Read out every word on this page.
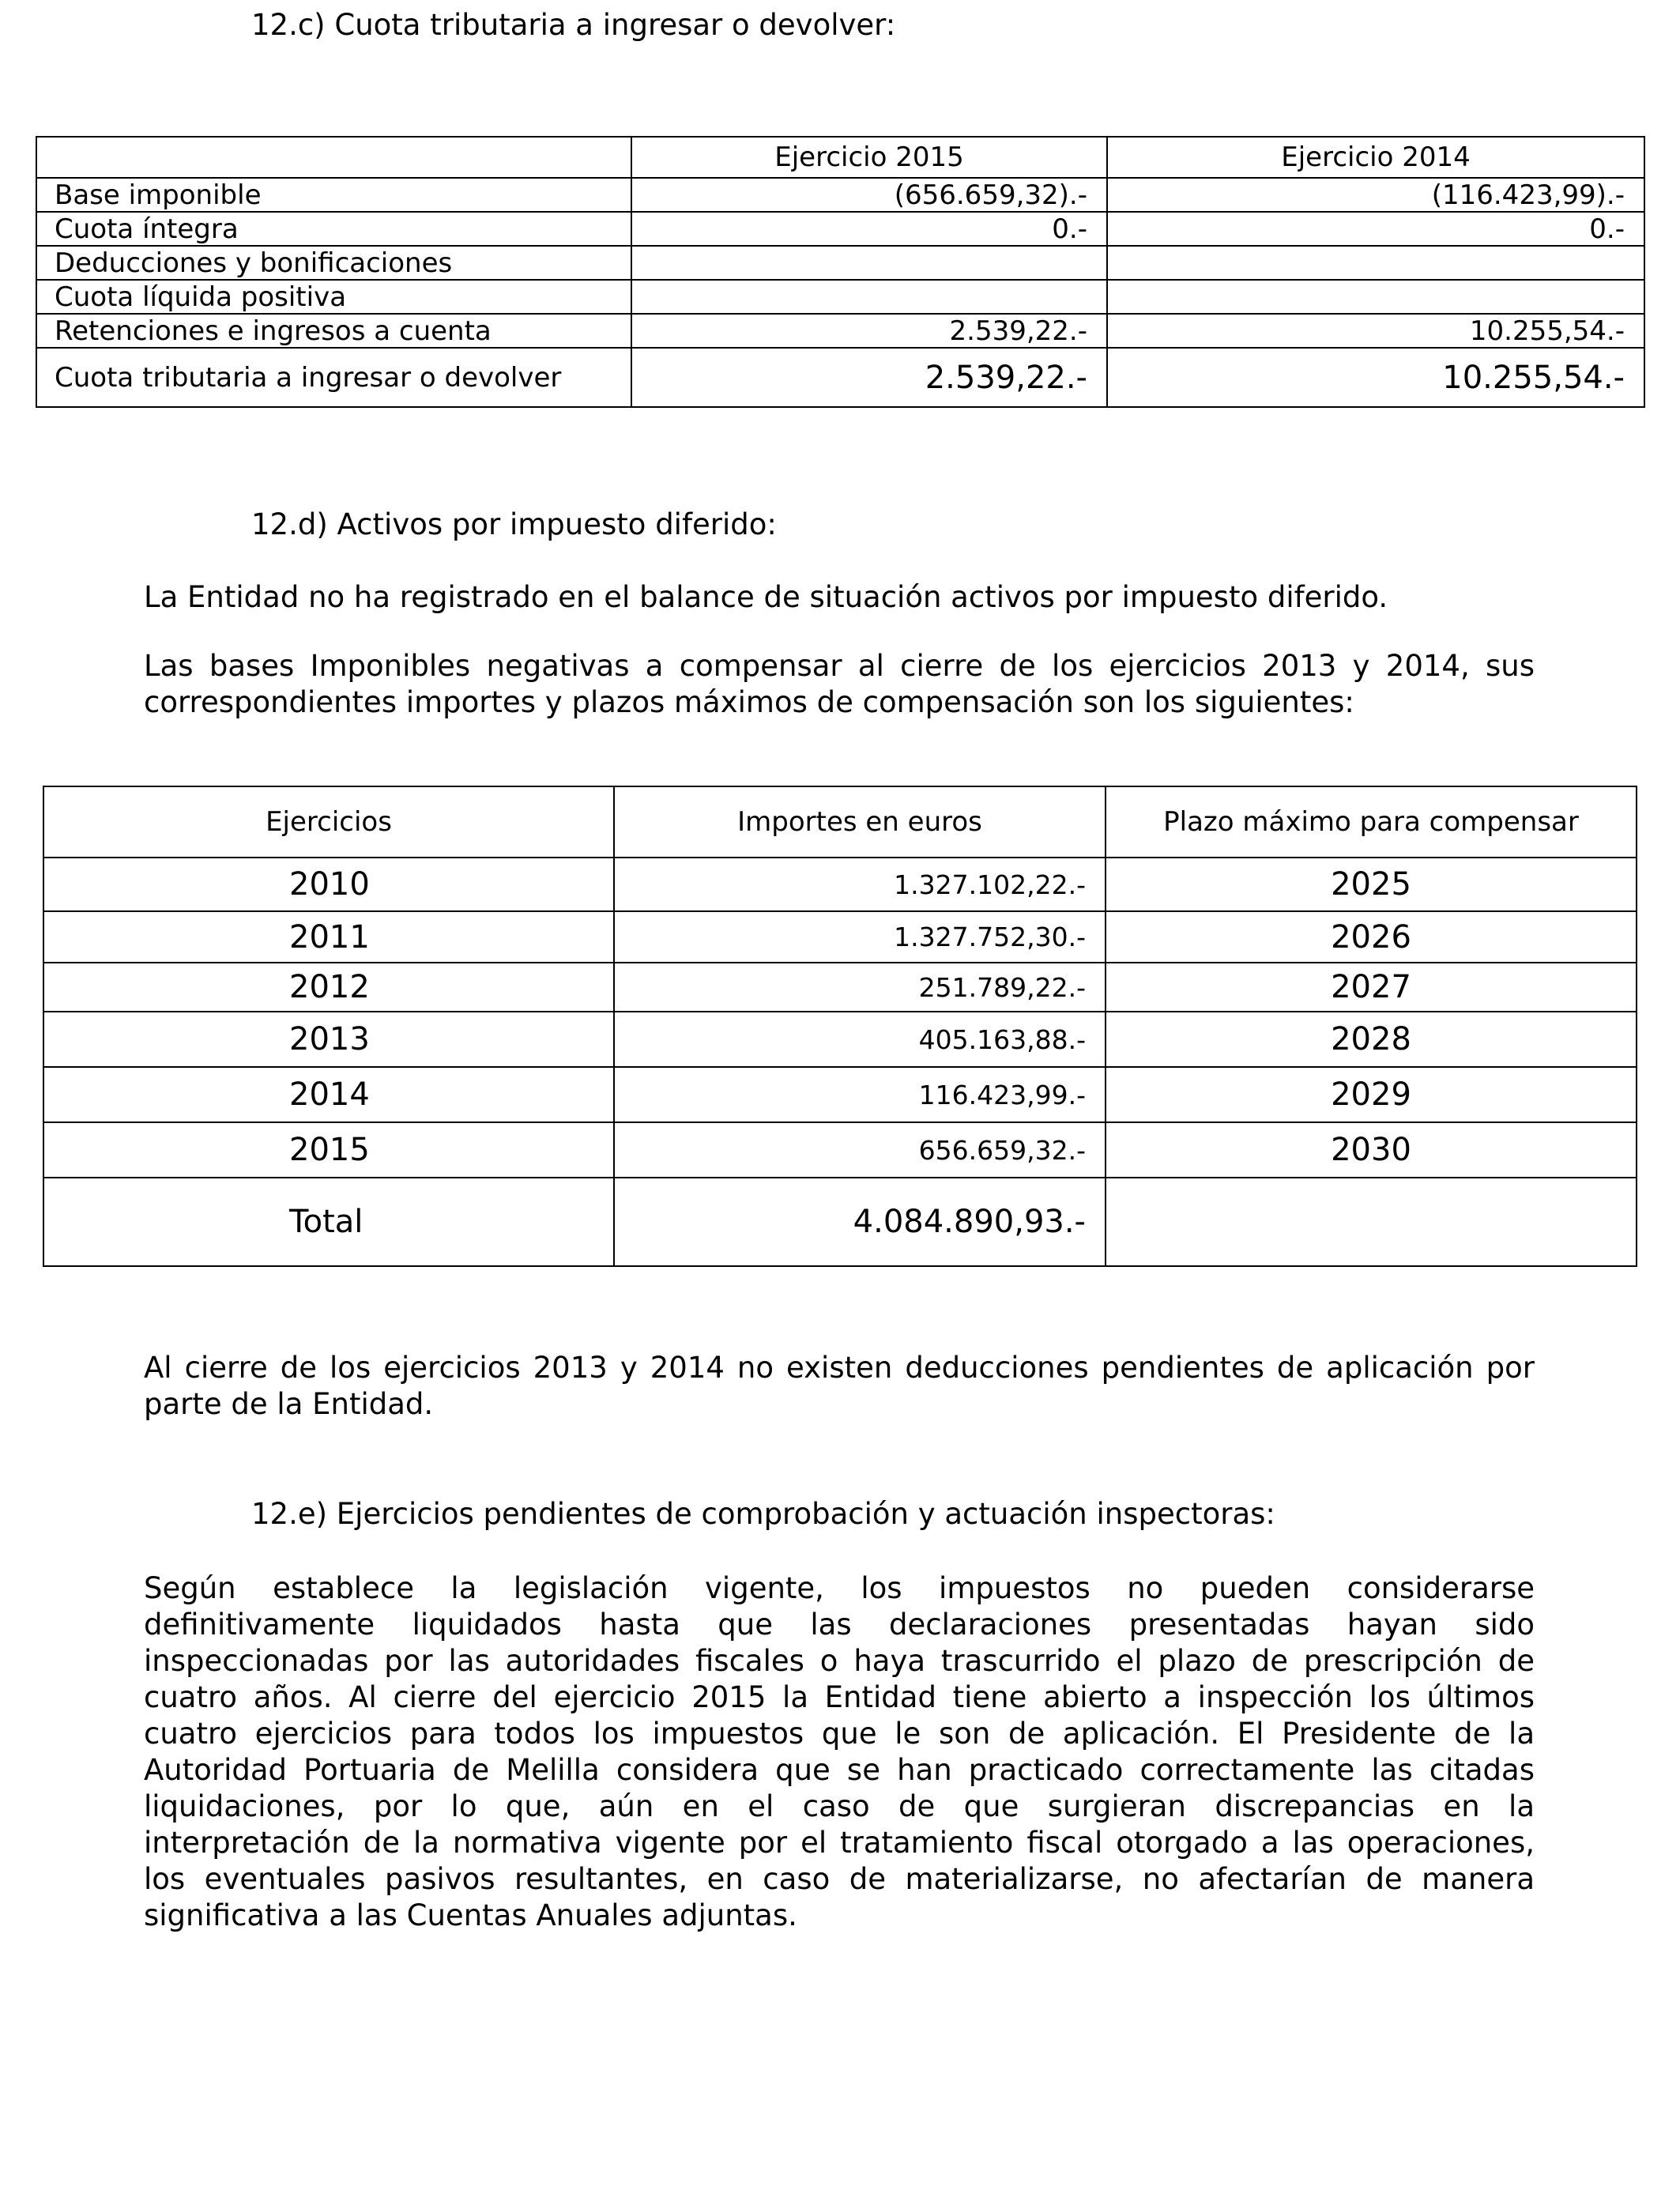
12.c) Cuota tributaria a ingresar o devolver:
	Ejercicio 2015	Ejercicio 2014
Base imponible	(656.659,32).-	(116.423,99).-
Cuota íntegra	0.-	0.-
Deducciones y bonificaciones		
Cuota líquida positiva		
Retenciones e ingresos a cuenta	2.539,22.-	10.255,54.-
Cuota tributaria a ingresar o devolver	2.539,22.-	10.255,54.-
12.d) Activos por impuesto diferido:
La Entidad no ha registrado en el balance de situación activos por impuesto diferido.
Las bases Imponibles negativas a compensar al cierre de los ejercicios 2013 y 2014, sus
correspondientes importes y plazos máximos de compensación son los siguientes:
Ejercicios	Importes en euros	Plazo máximo para compensar
2010	1.327.102,22.-	2025
2011	1.327.752,30.-	2026
2012	251.789,22.-	2027
2013	405.163,88.-	2028
2014	116.423,99.-	2029
2015	656.659,32.-	2030
Total	4.084.890,93.-	
Al cierre de los ejercicios 2013 y 2014 no existen deducciones pendientes de aplicación por
parte de la Entidad.
12.e) Ejercicios pendientes de comprobación y actuación inspectoras:
Según establece la legislación vigente, los impuestos no pueden considerarse
definitivamente liquidados hasta que las declaraciones presentadas hayan sido
inspeccionadas por las autoridades fiscales o haya trascurrido el plazo de prescripción de
cuatro años. Al cierre del ejercicio 2015 la Entidad tiene abierto a inspección los últimos
cuatro ejercicios para todos los impuestos que le son de aplicación. El Presidente de la
Autoridad Portuaria de Melilla considera que se han practicado correctamente las citadas
liquidaciones, por lo que, aún en el caso de que surgieran discrepancias en la
interpretación de la normativa vigente por el tratamiento fiscal otorgado a las operaciones,
los eventuales pasivos resultantes, en caso de materializarse, no afectarían de manera
significativa a las Cuentas Anuales adjuntas.
